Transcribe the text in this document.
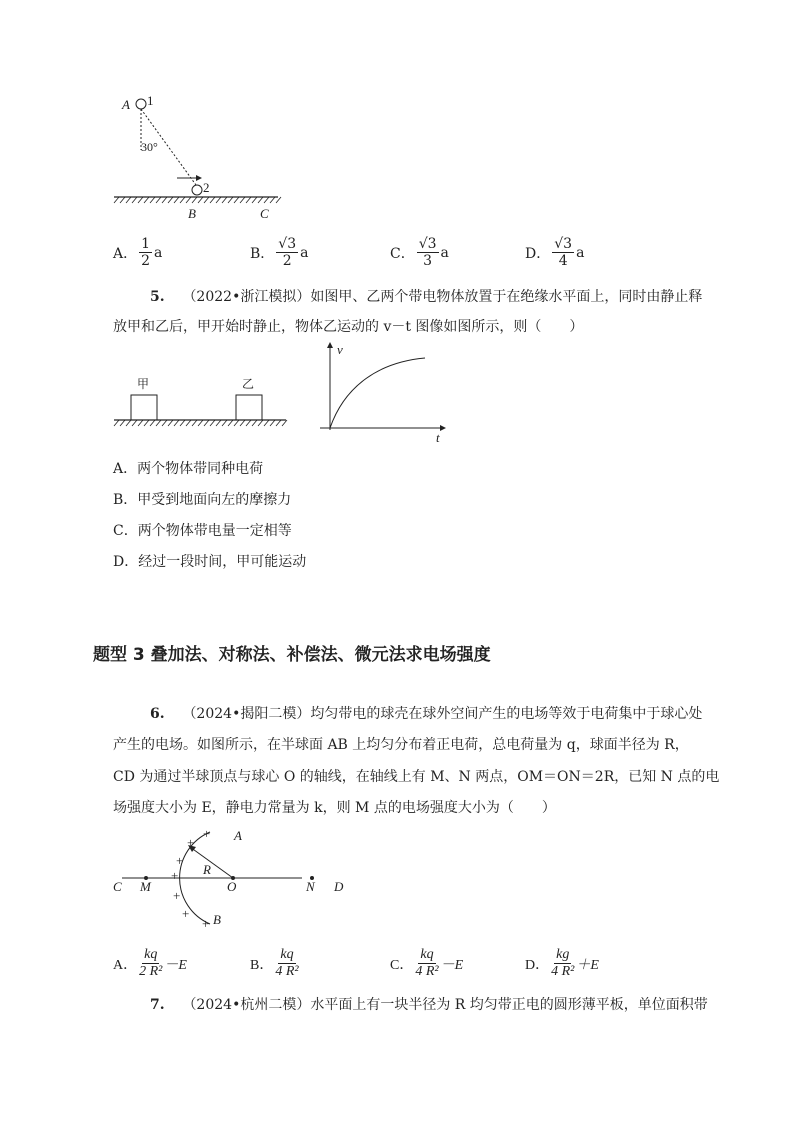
A 1
30°
2
B	C
A． $\frac{1}{2}$ a	B． $\frac{√3}{2}$ a	C． $\frac{√3}{3}$ a	D． $\frac{√3}{4}$ a
5. （2022•浙江模拟）如图甲、乙两个带电物体放置于在绝缘水平面上，同时由静止释
放甲和乙后，甲开始时静止，物体乙运动的 v－t 图像如图所示，则（　　）
甲	乙
v
t
A．两个物体带同种电荷
B．甲受到地面向左的摩擦力
C．两个物体带电量一定相等
D．经过一段时间，甲可能运动
题型 3 叠加法、对称法、补偿法、微元法求电场强度
6. （2024•揭阳二模）均匀带电的球壳在球外空间产生的电场等效于电荷集中于球心处
产生的电场。如图所示，在半球面 AB 上均匀分布着正电荷，总电荷量为 q，球面半径为 R，
CD 为通过半球顶点与球心 O 的轴线，在轴线上有 M、N 两点，OM＝ON＝2R，已知 N 点的电
场强度大小为 E，静电力常量为 k，则 M 点的电场强度大小为（　　）
C M	O	N D
A
B
R
+
+
+
+
+
+
+
A． $\frac{kq}{\text{2 R²}} -E$	B． $\frac{kq}{\text{4 R²}}$	C． $\frac{kq}{\text{4 R²}} -E$	D． $\frac{kg}{\text{4 R²}} +E$
7. （2024•杭州二模）水平面上有一块半径为 R 均匀带正电的圆形薄平板，单位面积带
